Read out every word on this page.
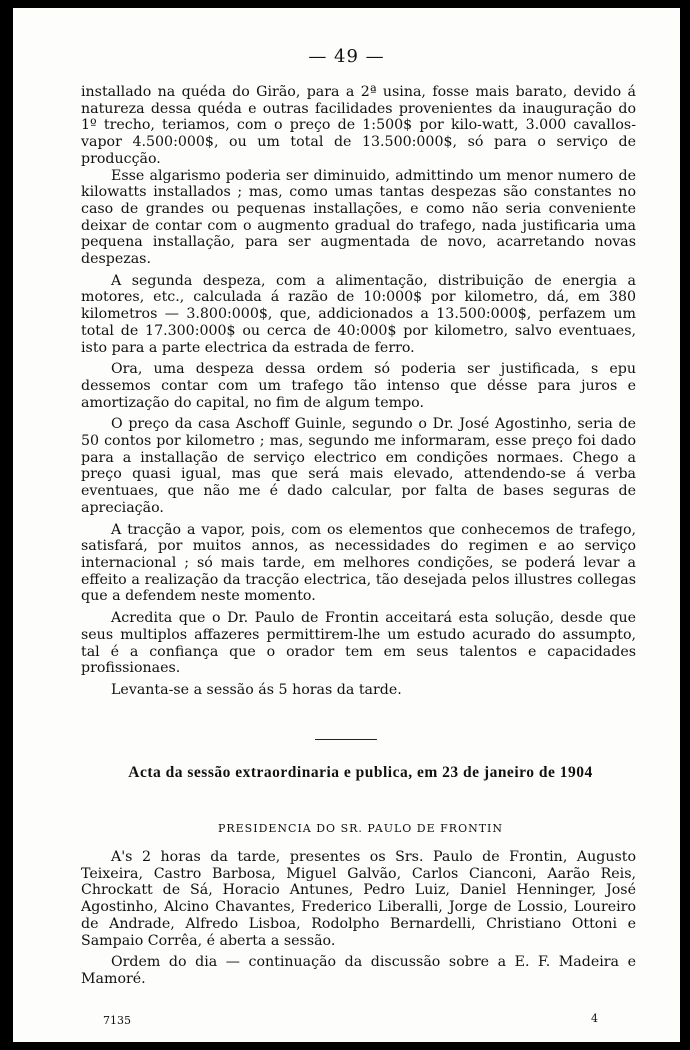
— 49 —

installado na quéda do Girão, para a 2ª usina, fosse mais barato, devido á natureza dessa quéda e outras facilidades provenientes da inauguração do 1º trecho, teriamos, com o preço de 1:500$ por kilo-watt, 3.000 cavallos-vapor 4.500:000$, ou um total de 13.500:000$, só para o serviço de producção.

Esse algarismo poderia ser diminuido, admittindo um menor numero de kilowatts installados ; mas, como umas tantas despezas são constantes no caso de grandes ou pequenas installações, e como não seria conveniente deixar de contar com o augmento gradual do trafego, nada justificaria uma pequena installação, para ser augmentada de novo, acarretando novas despezas.

A segunda despeza, com a alimentação, distribuição de energia a motores, etc., calculada á razão de 10:000$ por kilometro, dá, em 380 kilometros — 3.800:000$, que, addicionados a 13.500:000$, perfazem um total de 17.300:000$ ou cerca de 40:000$ por kilometro, salvo eventuaes, isto para a parte electrica da estrada de ferro.

Ora, uma despeza dessa ordem só poderia ser justificada, s epu dessemos contar com um trafego tão intenso que désse para juros e amortização do capital, no fim de algum tempo.

O preço da casa Aschoff Guinle, segundo o Dr. José Agostinho, seria de 50 contos por kilometro ; mas, segundo me informaram, esse preço foi dado para a installação de serviço electrico em condições normaes. Chego a preço quasi igual, mas que será mais elevado, attendendo-se á verba eventuaes, que não me é dado calcular, por falta de bases seguras de apreciação.

A tracção a vapor, pois, com os elementos que conhecemos de trafego, satisfará, por muitos annos, as necessidades do regimen e ao serviço internacional ; só mais tarde, em melhores condições, se poderá levar a effeito a realização da tracção electrica, tão desejada pelos illustres collegas que a defendem neste momento.

Acredita que o Dr. Paulo de Frontin acceitará esta solução, desde que seus multiplos affazeres permittirem-lhe um estudo acurado do assumpto, tal é a confiança que o orador tem em seus talentos e capacidades profissionaes.

Levanta-se a sessão ás 5 horas da tarde.

Acta da sessão extraordinaria e publica, em 23 de janeiro de 1904
PRESIDENCIA DO SR. PAULO DE FRONTIN

A's 2 horas da tarde, presentes os Srs. Paulo de Frontin, Augusto Teixeira, Castro Barbosa, Miguel Galvão, Carlos Cianconi, Aarão Reis, Chrockatt de Sá, Horacio Antunes, Pedro Luiz, Daniel Henninger, José Agostinho, Alcino Chavantes, Frederico Liberalli, Jorge de Lossio, Loureiro de Andrade, Alfredo Lisboa, Rodolpho Bernardelli, Christiano Ottoni e Sampaio Corrêa, é aberta a sessão.

Ordem do dia — continuação da discussão sobre a E. F. Madeira e Mamoré.

7135	4
